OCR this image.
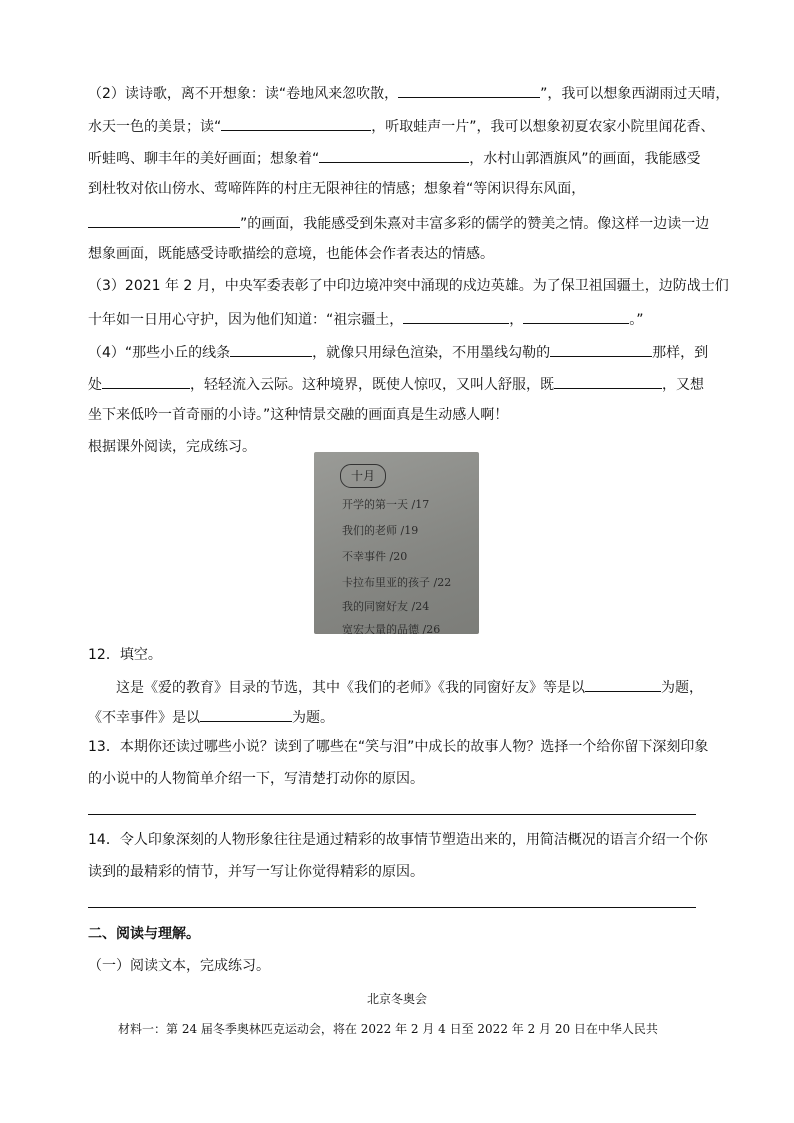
（2）读诗歌，离不开想象：读“卷地风来忽吹散，	”，我可以想象西湖雨过天晴，
水天一色的美景；读“	，听取蛙声一片”，我可以想象初夏农家小院里闻花香、
听蛙鸣、聊丰年的美好画面；想象着“	，水村山郭酒旗风”的画面，我能感受
到杜牧对依山傍水、莺啼阵阵的村庄无限神往的情感；想象着“等闲识得东风面，
”的画面，我能感受到朱熹对丰富多彩的儒学的赞美之情。像这样一边读一边
想象画面，既能感受诗歌描绘的意境，也能体会作者表达的情感。
（3）2021 年 2 月，中央军委表彰了中印边境冲突中涌现的戍边英雄。为了保卫祖国疆土，边防战士们
十年如一日用心守护，因为他们知道：“祖宗疆土，	，	。”
（4）“那些小丘的线条	，就像只用绿色渲染，不用墨线勾勒的	那样，到
处	，轻轻流入云际。这种境界，既使人惊叹，又叫人舒服，既	，又想
坐下来低吟一首奇丽的小诗。”这种情景交融的画面真是生动感人啊！
根据课外阅读，完成练习。
十月
开学的第一天 /17
我们的老师 /19
不幸事件 /20
卡拉布里亚的孩子 /22
我的同窗好友 /24
宽宏大量的品德 /26
12．填空。
这是《爱的教育》目录的节选，其中《我们的老师》《我的同窗好友》等是以	为题，
《不幸事件》是以	为题。
13．本期你还读过哪些小说？读到了哪些在“笑与泪”中成长的故事人物？选择一个给你留下深刻印象
的小说中的人物简单介绍一下，写清楚打动你的原因。
14．令人印象深刻的人物形象往往是通过精彩的故事情节塑造出来的，用简洁概况的语言介绍一个你
读到的最精彩的情节，并写一写让你觉得精彩的原因。
二、阅读与理解。
（一）阅读文本，完成练习。
北京冬奥会
材料一：第 24 届冬季奥林匹克运动会，将在 2022 年 2 月 4 日至 2022 年 2 月 20 日在中华人民共
